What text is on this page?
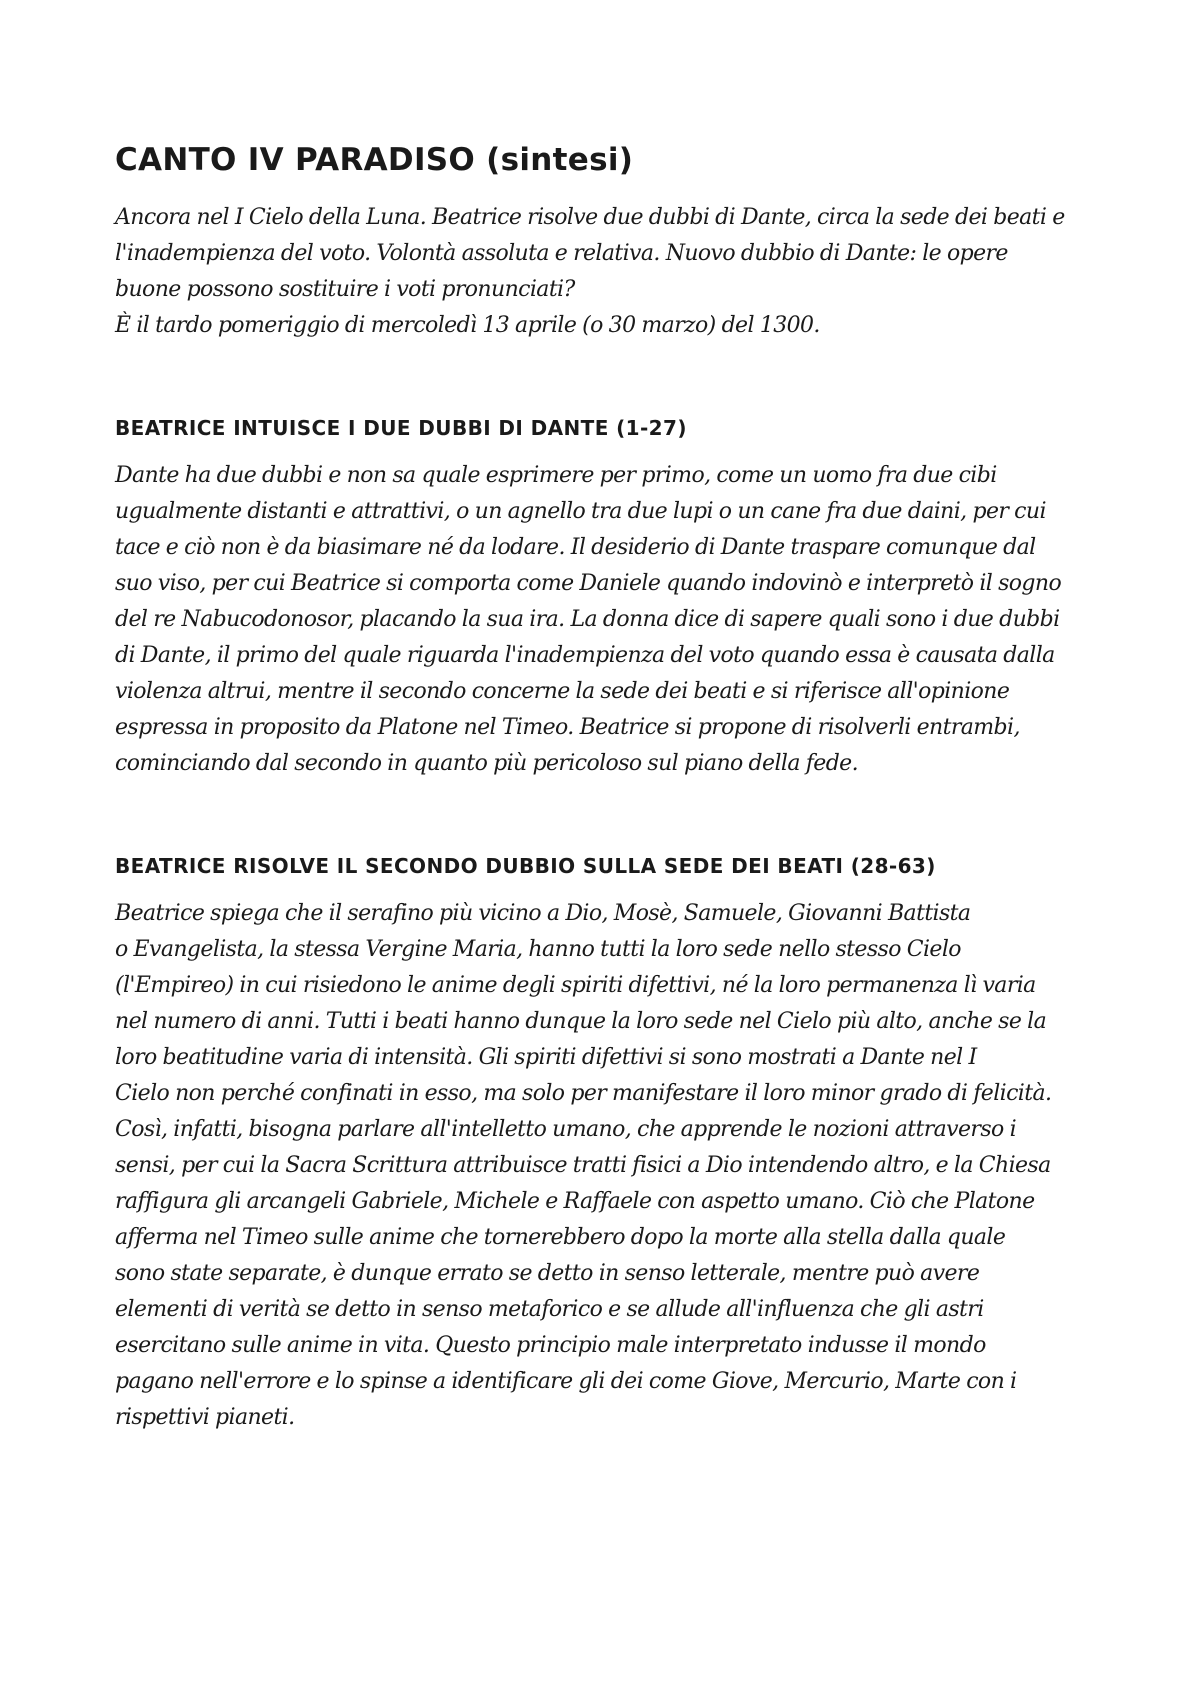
CANTO IV PARADISO (sintesi)

Ancora nel I Cielo della Luna. Beatrice risolve due dubbi di Dante, circa la sede dei beati e
l'inadempienza del voto. Volontà assoluta e relativa. Nuovo dubbio di Dante: le opere
buone possono sostituire i voti pronunciati?
È il tardo pomeriggio di mercoledì 13 aprile (o 30 marzo) del 1300.

BEATRICE INTUISCE I DUE DUBBI DI DANTE (1-27)

Dante ha due dubbi e non sa quale esprimere per primo, come un uomo fra due cibi
ugualmente distanti e attrattivi, o un agnello tra due lupi o un cane fra due daini, per cui
tace e ciò non è da biasimare né da lodare. Il desiderio di Dante traspare comunque dal
suo viso, per cui Beatrice si comporta come Daniele quando indovinò e interpretò il sogno
del re Nabucodonosor, placando la sua ira. La donna dice di sapere quali sono i due dubbi
di Dante, il primo del quale riguarda l'inadempienza del voto quando essa è causata dalla
violenza altrui, mentre il secondo concerne la sede dei beati e si riferisce all'opinione
espressa in proposito da Platone nel Timeo. Beatrice si propone di risolverli entrambi,
cominciando dal secondo in quanto più pericoloso sul piano della fede.

BEATRICE RISOLVE IL SECONDO DUBBIO SULLA SEDE DEI BEATI (28-63)

Beatrice spiega che il serafino più vicino a Dio, Mosè, Samuele, Giovanni Battista
o Evangelista, la stessa Vergine Maria, hanno tutti la loro sede nello stesso Cielo
(l'Empireo) in cui risiedono le anime degli spiriti difettivi, né la loro permanenza lì varia
nel numero di anni. Tutti i beati hanno dunque la loro sede nel Cielo più alto, anche se la
loro beatitudine varia di intensità. Gli spiriti difettivi si sono mostrati a Dante nel I
Cielo non perché confinati in esso, ma solo per manifestare il loro minor grado di felicità.
Così, infatti, bisogna parlare all'intelletto umano, che apprende le nozioni attraverso i
sensi, per cui la Sacra Scrittura attribuisce tratti fisici a Dio intendendo altro, e la Chiesa
raffigura gli arcangeli Gabriele, Michele e Raffaele con aspetto umano. Ciò che Platone
afferma nel Timeo sulle anime che tornerebbero dopo la morte alla stella dalla quale
sono state separate, è dunque errato se detto in senso letterale, mentre può avere
elementi di verità se detto in senso metaforico e se allude all'influenza che gli astri
esercitano sulle anime in vita. Questo principio male interpretato indusse il mondo
pagano nell'errore e lo spinse a identificare gli dei come Giove, Mercurio, Marte con i
rispettivi pianeti.
